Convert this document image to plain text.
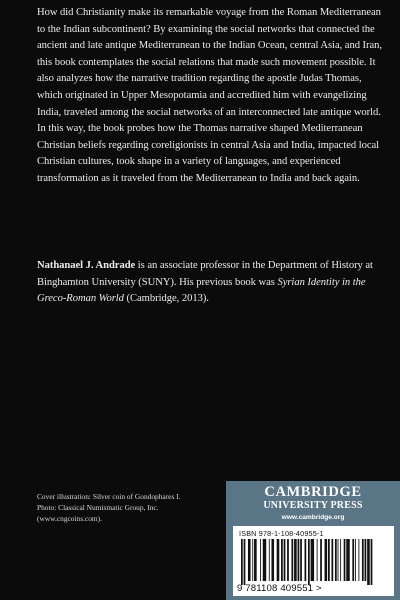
How did Christianity make its remarkable voyage from the Roman Mediterranean to the Indian subcontinent? By examining the social networks that connected the ancient and late antique Mediterranean to the Indian Ocean, central Asia, and Iran, this book contemplates the social relations that made such movement possible. It also analyzes how the narrative tradition regarding the apostle Judas Thomas, which originated in Upper Mesopotamia and accredited him with evangelizing India, traveled among the social networks of an interconnected late antique world. In this way, the book probes how the Thomas narrative shaped Mediterranean Christian beliefs regarding coreligionists in central Asia and India, impacted local Christian cultures, took shape in a variety of languages, and experienced transformation as it traveled from the Mediterranean to India and back again.

Nathanael J. Andrade is an associate professor in the Department of History at Binghamton University (SUNY). His previous book was Syrian Identity in the Greco-Roman World (Cambridge, 2013).

Cover illustration: Silver coin of Gondophares I.
Photo: Classical Numismatic Group, Inc.
(www.cngcoins.com).
CAMBRIDGE
UNIVERSITY PRESS
www.cambridge.org
ISBN 978-1-108-40955-1
9 781108 409551 >
